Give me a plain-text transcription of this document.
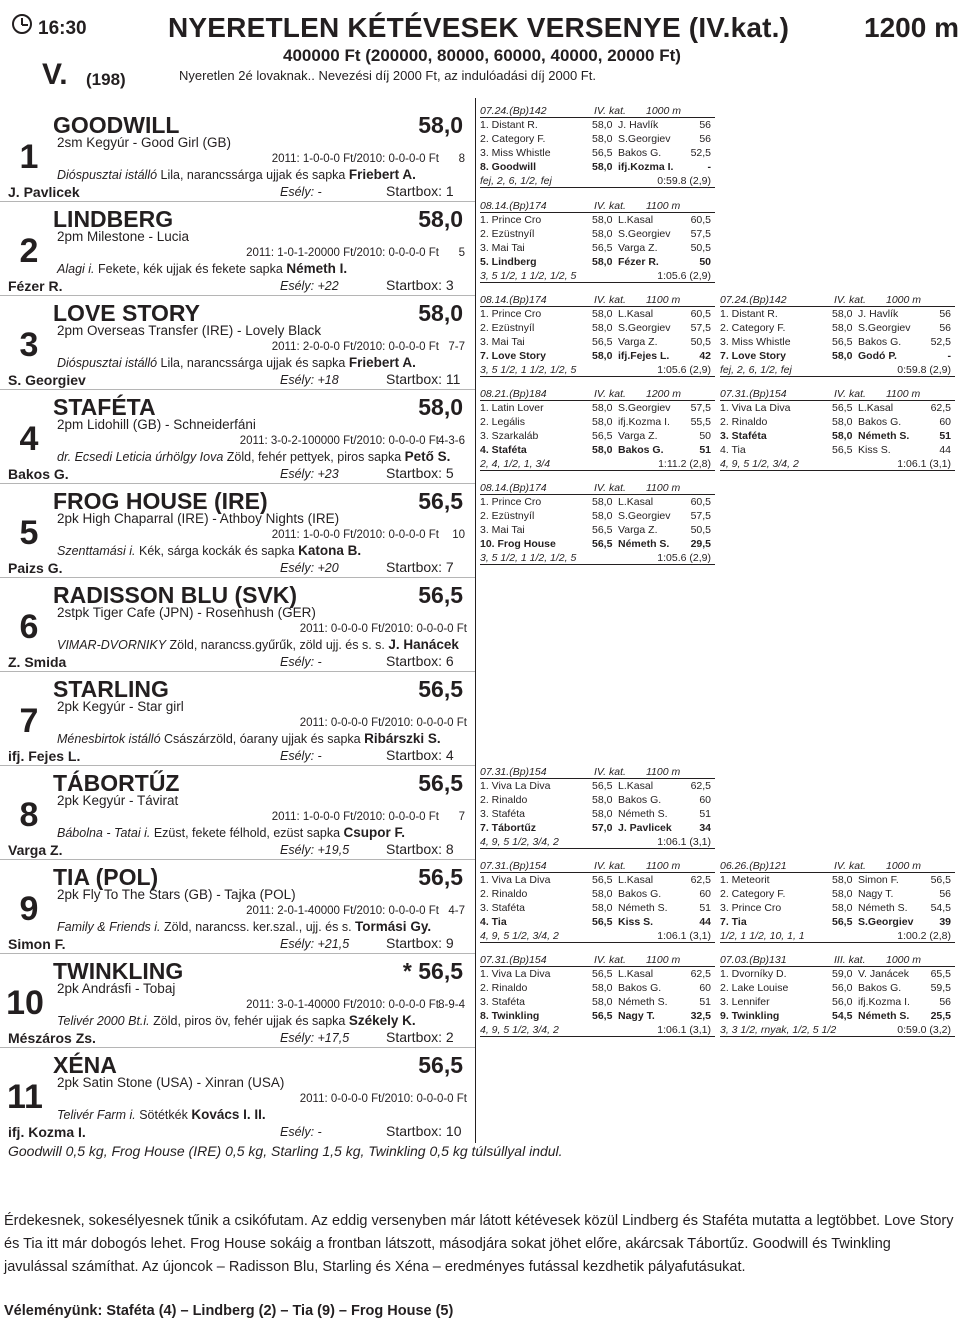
16:30	NYERETLEN KÉTÉVESEK VERSENYE (IV.kat.)	1200 m
400000 Ft (200000, 80000, 60000, 40000, 20000 Ft)
V. (198)	Nyeretlen 2é lovaknak.. Nevezési díj 2000 Ft, az indulóadási díj 2000 Ft.
1
GOODWILL	58,0
2sm Kegyúr - Good Girl (GB)
2011: 1-0-0-0 Ft/2010: 0-0-0-0 Ft 8
Dióspusztai istálló Lila, narancssárga ujjak és sapka Friebert A.
J. Pavlicek	Esély: -	Startbox: 1
2
LINDBERG	58,0
2pm Milestone - Lucia
2011: 1-0-1-20000 Ft/2010: 0-0-0-0 Ft 5
Alagi i. Fekete, kék ujjak és fekete sapka Németh I.
Fézer R.	Esély: +22	Startbox: 3
3
LOVE STORY	58,0
2pm Overseas Transfer (IRE) - Lovely Black
2011: 2-0-0-0 Ft/2010: 0-0-0-0 Ft 7-7
Dióspusztai istálló Lila, narancssárga ujjak és sapka Friebert A.
S. Georgiev	Esély: +18	Startbox: 11
4
STAFÉTA	58,0
2pm Lidohill (GB) - Schneiderfáni
2011: 3-0-2-100000 Ft/2010: 0-0-0-0 Ft 4-3-6
dr. Ecsedi Leticia úrhölgy Iova Zöld, fehér pettyek, piros sapka Pető S.
Bakos G.	Esély: +23	Startbox: 5
5
FROG HOUSE (IRE)	56,5
2pk High Chaparral (IRE) - Athboy Nights (IRE)
2011: 1-0-0-0 Ft/2010: 0-0-0-0 Ft 10
Szenttamási i. Kék, sárga kockák és sapka Katona B.
Paizs G.	Esély: +20	Startbox: 7
6
RADISSON BLU (SVK)	56,5
2stpk Tiger Cafe (JPN) - Rosenhush (GER)
2011: 0-0-0-0 Ft/2010: 0-0-0-0 Ft
VIMAR-DVORNIKY Zöld, narancss.gyűrűk, zöld ujj. és s. s. J. Hanácek
Z. Smida	Esély: -	Startbox: 6
7
STARLING	56,5
2pk Kegyúr - Star girl
2011: 0-0-0-0 Ft/2010: 0-0-0-0 Ft
Ménesbirtok istálló Császárzöld, óarany ujjak és sapka Ribárszki S.
ifj. Fejes L.	Esély: -	Startbox: 4
8
TÁBORTŰZ	56,5
2pk Kegyúr - Távirat
2011: 1-0-0-0 Ft/2010: 0-0-0-0 Ft 7
Bábolna - Tatai i. Ezüst, fekete félhold, ezüst sapka Csupor F.
Varga Z.	Esély: +19,5	Startbox: 8
9
TIA (POL)	56,5
2pk Fly To The Stars (GB) - Tajka (POL)
2011: 2-0-1-40000 Ft/2010: 0-0-0-0 Ft 4-7
Family & Friends i. Zöld, narancss. ker.szal., ujj. és s. Tormási Gy.
Simon F.	Esély: +21,5	Startbox: 9
10
TWINKLING	* 56,5
2pk Andrásfi - Tobaj
2011: 3-0-1-40000 Ft/2010: 0-0-0-0 Ft 8-9-4
Telivér 2000 Bt.i. Zöld, piros öv, fehér ujjak és sapka Székely K.
Mészáros Zs.	Esély: +17,5	Startbox: 2
11
XÉNA	56,5
2pk Satin Stone (USA) - Xinran (USA)
2011: 0-0-0-0 Ft/2010: 0-0-0-0 Ft
Telivér Farm i. Sötétkék Kovács I. II.
ifj. Kozma I.	Esély: -	Startbox: 10
Goodwill 0,5 kg, Frog House (IRE) 0,5 kg, Starling 1,5 kg, Twinkling 0,5 kg túlsúllyal indul.
07.24.(Bp)142	IV. kat. 1000 m
1. Distant R.	58,0 J. Havlík	56
2. Category F.	58,0 S.Georgiev	56
3. Miss Whistle	56,5 Bakos G.	52,5
8. Goodwill	58,0 ifj.Kozma I.	-
fej, 2, 6, 1/2, fej	0:59.8 (2,9)
08.14.(Bp)174	IV. kat. 1100 m
1. Prince Cro	58,0 L.Kasal	60,5
2. Ezüstnyíl	58,0 S.Georgiev 57,5
3. Mai Tai	56,5 Varga Z.	50,5
5. Lindberg	58,0 Fézer R.	50
3, 5 1/2, 1 1/2, 1/2, 5	1:05.6 (2,9)
08.14.(Bp)174	IV. kat. 1100 m
1. Prince Cro	58,0 L.Kasal	60,5
2. Ezüstnyíl	58,0 S.Georgiev 57,5
3. Mai Tai	56,5 Varga Z.	50,5
7. Love Story	58,0 ifj.Fejes L.	42
3, 5 1/2, 1 1/2, 1/2, 5	1:05.6 (2,9)
07.24.(Bp)142	IV. kat. 1000 m
1. Distant R.	58,0 J. Havlík	56
2. Category F.	58,0 S.Georgiev	56
3. Miss Whistle	56,5 Bakos G.	52,5
7. Love Story	58,0 Godó P.	-
fej, 2, 6, 1/2, fej	0:59.8 (2,9)
08.21.(Bp)184	IV. kat. 1200 m
1. Latin Lover	58,0 S.Georgiev 57,5
2. Legális	58,0 ifj.Kozma I. 55,5
3. Szarkaláb	56,5 Varga Z.	50
4. Staféta	58,0 Bakos G.	51
2, 4, 1/2, 1, 3/4	1:11.2 (2,8)
07.31.(Bp)154	IV. kat. 1100 m
1. Viva La Diva	56,5 L.Kasal	62,5
2. Rinaldo	58,0 Bakos G.	60
3. Staféta	58,0 Németh S.	51
4. Tia	56,5 Kiss S.	44
4, 9, 5 1/2, 3/4, 2	1:06.1 (3,1)
08.14.(Bp)174	IV. kat. 1100 m
1. Prince Cro	58,0 L.Kasal	60,5
2. Ezüstnyíl	58,0 S.Georgiev 57,5
3. Mai Tai	56,5 Varga Z.	50,5
10. Frog House	56,5 Németh S. 29,5
3, 5 1/2, 1 1/2, 1/2, 5	1:05.6 (2,9)
07.31.(Bp)154	IV. kat. 1100 m
1. Viva La Diva	56,5 L.Kasal	62,5
2. Rinaldo	58,0 Bakos G.	60
3. Staféta	58,0 Németh S.	51
7. Tábortűz	57,0 J. Pavlicek	34
4, 9, 5 1/2, 3/4, 2	1:06.1 (3,1)
07.31.(Bp)154	IV. kat. 1100 m
1. Viva La Diva	56,5 L.Kasal	62,5
2. Rinaldo	58,0 Bakos G.	60
3. Staféta	58,0 Németh S.	51
4. Tia	56,5 Kiss S.	44
4, 9, 5 1/2, 3/4, 2	1:06.1 (3,1)
06.26.(Bp)121	IV. kat. 1000 m
1. Meteorit	58,0 Simon F.	56,5
2. Category F.	58,0 Nagy T.	56
3. Prince Cro	58,0 Németh S. 54,5
7. Tia	56,5 S.Georgiev 39
1/2, 1 1/2, 10, 1, 1	1:00.2 (2,8)
07.31.(Bp)154	IV. kat. 1100 m
1. Viva La Diva	56,5 L.Kasal	62,5
2. Rinaldo	58,0 Bakos G.	60
3. Staféta	58,0 Németh S.	51
8. Twinkling	56,5 Nagy T.	32,5
4, 9, 5 1/2, 3/4, 2	1:06.1 (3,1)
07.03.(Bp)131	III. kat. 1000 m
1. Dvorníky D.	59,0 V. Janácek 65,5
2. Lake Louise	56,0 Bakos G.	59,5
3. Lennifer	56,0 ifj.Kozma I.	56
9. Twinkling	54,5 Németh S. 25,5
3, 3 1/2, rnyak, 1/2, 5 1/2	0:59.0 (3,2)
Érdekesnek, sokesélyesnek tűnik a csikófutam. Az eddig versenyben már látott kétévesek közül Lindberg és Staféta mutatta a legtöbbet. Love Story és Tia itt már dobogós lehet. Frog House sokáig a frontban látszott, másodjára sokat jöhet előre, akárcsak Tábortűz. Goodwill és Twinkling javulással számíthat. Az újoncok – Radisson Blu, Starling és Xéna – eredményes futással kezdhetik pályafutásukat.
Véleményünk: Staféta (4) – Lindberg (2) – Tia (9) – Frog House (5)
